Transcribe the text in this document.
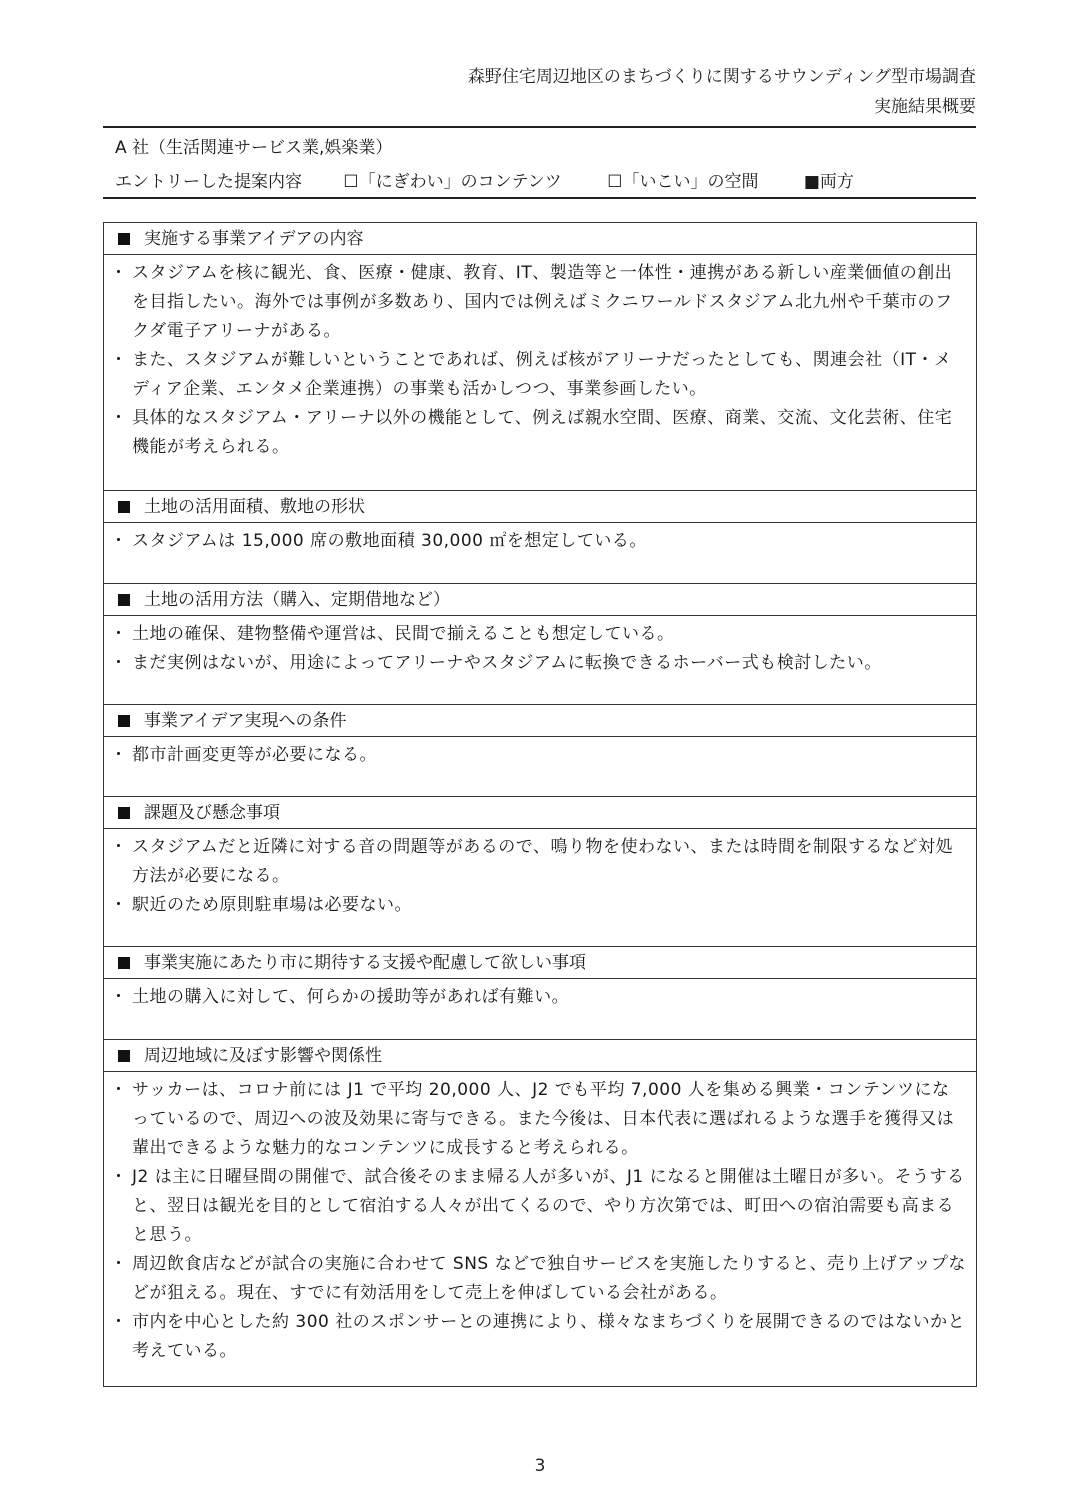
森野住宅周辺地区のまちづくりに関するサウンディング型市場調査
実施結果概要
A 社（生活関連サービス業,娯楽業）
エントリーした提案内容 ☐「にぎわい」のコンテンツ	☐「いこい」の空間	■両方
実施する事業アイデアの内容
・ スタジアムを核に観光、食、医療・健康、教育、IT、製造等と一体性・連携がある新しい産業価値の創出を目指したい。海外では事例が多数あり、国内では例えばミクニワールドスタジアム北九州や千葉市のフクダ電子アリーナがある。
・ また、スタジアムが難しいということであれば、例えば核がアリーナだったとしても、関連会社（IT・メディア企業、エンタメ企業連携）の事業も活かしつつ、事業参画したい。
・ 具体的なスタジアム・アリーナ以外の機能として、例えば親水空間、医療、商業、交流、文化芸術、住宅機能が考えられる。
土地の活用面積、敷地の形状
・ スタジアムは 15,000 席の敷地面積 30,000 ㎡を想定している。
土地の活用方法（購入、定期借地など）
・ 土地の確保、建物整備や運営は、民間で揃えることも想定している。
・ まだ実例はないが、用途によってアリーナやスタジアムに転換できるホーバー式も検討したい。
事業アイデア実現への条件
・ 都市計画変更等が必要になる。
課題及び懸念事項
・ スタジアムだと近隣に対する音の問題等があるので、鳴り物を使わない、または時間を制限するなど対処方法が必要になる。
・ 駅近のため原則駐車場は必要ない。
事業実施にあたり市に期待する支援や配慮して欲しい事項
・ 土地の購入に対して、何らかの援助等があれば有難い。
周辺地域に及ぼす影響や関係性
・ サッカーは、コロナ前には J1 で平均 20,000 人、J2 でも平均 7,000 人を集める興業・コンテンツになっているので、周辺への波及効果に寄与できる。また今後は、日本代表に選ばれるような選手を獲得又は輩出できるような魅力的なコンテンツに成長すると考えられる。
・ J2 は主に日曜昼間の開催で、試合後そのまま帰る人が多いが、J1 になると開催は土曜日が多い。そうすると、翌日は観光を目的として宿泊する人々が出てくるので、やり方次第では、町田への宿泊需要も高まると思う。
・ 周辺飲食店などが試合の実施に合わせて SNS などで独自サービスを実施したりすると、売り上げアップなどが狙える。現在、すでに有効活用をして売上を伸ばしている会社がある。
・ 市内を中心とした約 300 社のスポンサーとの連携により、様々なまちづくりを展開できるのではないかと考えている。
3
